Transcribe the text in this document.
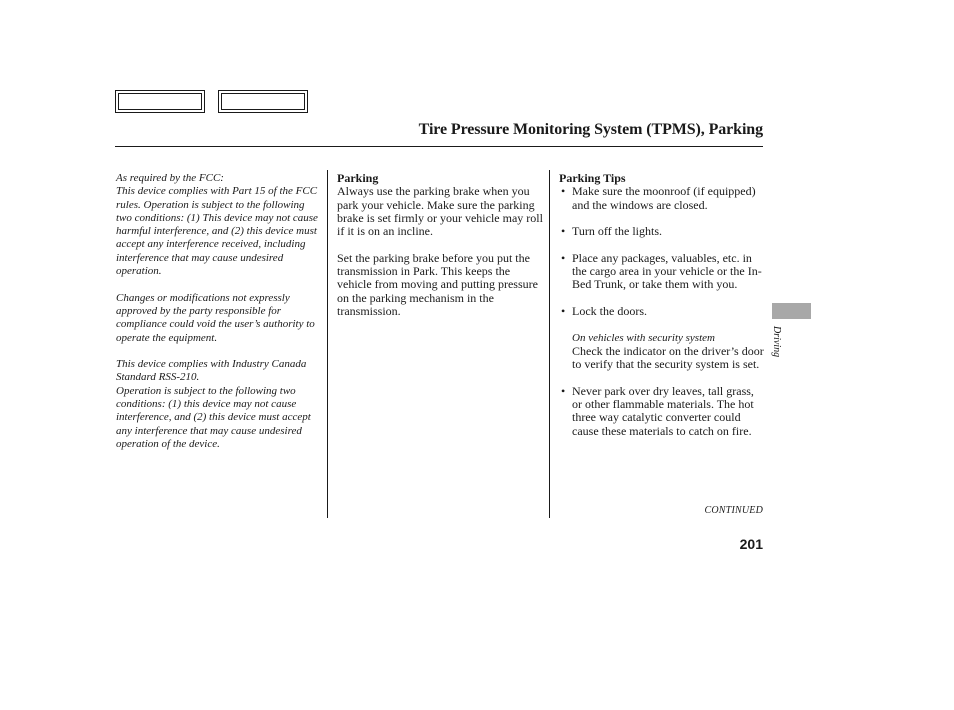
Tire Pressure Monitoring System (TPMS), Parking

As required by the FCC:
This device complies with Part 15 of the FCC rules. Operation is subject to the following two conditions: (1) This device may not cause harmful interference, and (2) this device must accept any interference received, including interference that may cause undesired operation.

Changes or modifications not expressly approved by the party responsible for compliance could void the user’s authority to operate the equipment.

This device complies with Industry Canada Standard RSS-210.
Operation is subject to the following two conditions: (1) this device may not cause interference, and (2) this device must accept any interference that may cause undesired operation of the device.

Parking

Always use the parking brake when you park your vehicle. Make sure the parking brake is set firmly or your vehicle may roll if it is on an incline.

Set the parking brake before you put the transmission in Park. This keeps the vehicle from moving and putting pressure on the parking mechanism in the transmission.

Parking Tips

• Make sure the moonroof (if equipped) and the windows are closed.
• Turn off the lights.
• Place any packages, valuables, etc. in the cargo area in your vehicle or the In-Bed Trunk, or take them with you.
• Lock the doors.

On vehicles with security system

Check the indicator on the driver’s door to verify that the security system is set.

• Never park over dry leaves, tall grass, or other flammable materials. The hot three way catalytic converter could cause these materials to catch on fire.
CONTINUED
201
Driving
